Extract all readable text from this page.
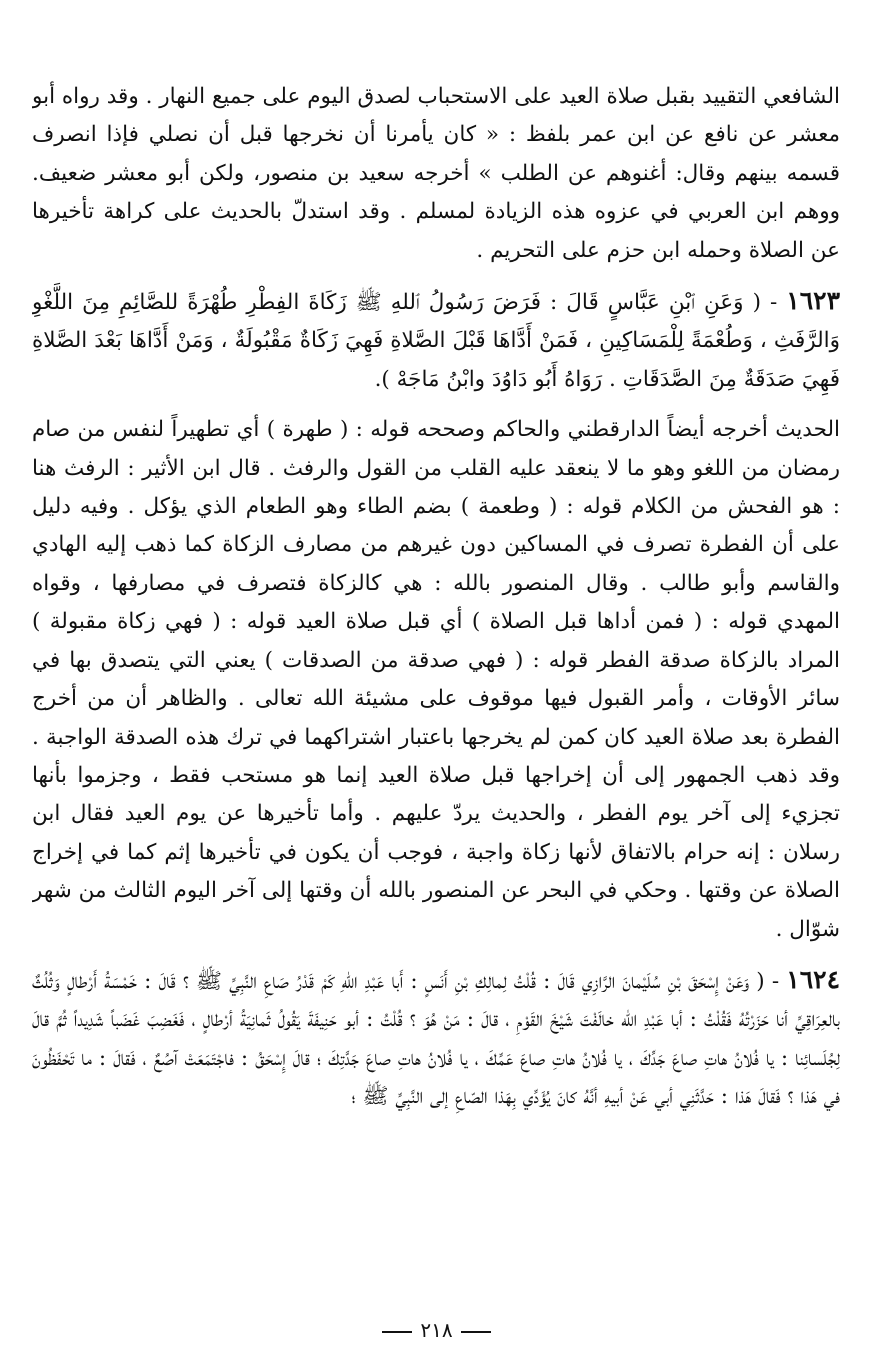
الشافعي التقييد بقبل صلاة العيد على الاستحباب لصدق اليوم على جميع النهار . وقد رواه أبو معشر عن نافع عن ابن عمر بلفظ : « كان يأمرنا أن نخرجها قبل أن نصلي فإذا انصرف قسمه بينهم وقال: أغنوهم عن الطلب » أخرجه سعيد بن منصور، ولكن أبو معشر ضعيف. ووهم ابن العربي في عزوه هذه الزيادة لمسلم . وقد استدلّ بالحديث على كراهة تأخيرها عن الصلاة وحمله ابن حزم على التحريم .

١٦٢٣ - ( وَعَنِ ٱبْنِ عَبَّاسٍ قَالَ : فَرَضَ رَسُولُ ٱللهِ ﷺ زَكَاةَ الفِطْرِ طُهْرَةً للصَّائِمِ مِنَ اللَّغْوِ وَالرَّفَثِ ، وَطُعْمَةً لِلْمَسَاكِينِ ، فَمَنْ أَدَّاهَا قَبْلَ الصَّلاةِ فَهِيَ زَكَاةٌ مَقْبُولَةٌ ، وَمَنْ أَدَّاهَا بَعْدَ الصَّلاةِ فَهِيَ صَدَقَةٌ مِنَ الصَّدَقَاتِ . رَوَاهُ أَبُو دَاوُدَ وابْنُ مَاجَهْ ).

الحديث أخرجه أيضاً الدارقطني والحاكم وصححه قوله : ( طهرة ) أي تطهيراً لنفس من صام رمضان من اللغو وهو ما لا ينعقد عليه القلب من القول والرفث . قال ابن الأثير : الرفث هنا : هو الفحش من الكلام قوله : ( وطعمة ) بضم الطاء وهو الطعام الذي يؤكل . وفيه دليل على أن الفطرة تصرف في المساكين دون غيرهم من مصارف الزكاة كما ذهب إليه الهادي والقاسم وأبو طالب . وقال المنصور بالله : هي كالزكاة فتصرف في مصارفها ، وقواه المهدي قوله : ( فمن أداها قبل الصلاة ) أي قبل صلاة العيد قوله : ( فهي زكاة مقبولة ) المراد بالزكاة صدقة الفطر قوله : ( فهي صدقة من الصدقات ) يعني التي يتصدق بها في سائر الأوقات ، وأمر القبول فيها موقوف على مشيئة الله تعالى . والظاهر أن من أخرج الفطرة بعد صلاة العيد كان كمن لم يخرجها باعتبار اشتراكهما في ترك هذه الصدقة الواجبة . وقد ذهب الجمهور إلى أن إخراجها قبل صلاة العيد إنما هو مستحب فقط ، وجزموا بأنها تجزيء إلى آخر يوم الفطر ، والحديث يردّ عليهم . وأما تأخيرها عن يوم العيد فقال ابن رسلان : إنه حرام بالاتفاق لأنها زكاة واجبة ، فوجب أن يكون في تأخيرها إثم كما في إخراج الصلاة عن وقتها . وحكي في البحر عن المنصور بالله أن وقتها إلى آخر اليوم الثالث من شهر شوّال .

١٦٢٤ - ( وَعَنْ إِسْحَقَ بْنِ سُلَيْمانَ الرَّازِي قَالَ : قُلْتُ لِمالِكِ بْنِ أَنَسٍ : أَبا عَبْدِ اللهِ كَمْ قَدْرُ صَاعِ النَّبِيِّ ﷺ ؟ قَالَ : خَمْسَةُ أَرْطالٍ وَثُلُثٌ بالعِرَاقِيِّ أنا حَزَرْتُهُ فَقُلْتُ : أبا عَبْدِ الله خالَفْتَ شَيْخَ القَوْمِ ، قالَ : مَنْ هُوَ ؟ قُلْتُ : أبو حَنِيفَةَ يَقُولُ ثَمانِيَةُ أرْطالٍ ، فَغَضِبَ غَضَباً شَدِيداً ثُمَّ قالَ لِجُلَسائِنا : يا فُلانُ هاتِ صاعَ جَدِّكَ ، يا فُلانُ هاتِ صاعَ عَمِّكَ ، يا فُلانُ هاتِ صاعَ جَدَّتِكَ ؛ قالَ إِسْحَقُ : فاجْتَمَعَتْ آصُعٌ ، فَقالَ : ما تَحْفَظُونَ في هَذا ؟ فَقالَ هَذا : حَدَّثَنِي أبي عَنْ أبيهِ أنَّهُ كانَ يُؤَدِّي بِهَذا الصّاعِ إلى النَّبِيِّ ﷺ ؛

٢١٨
